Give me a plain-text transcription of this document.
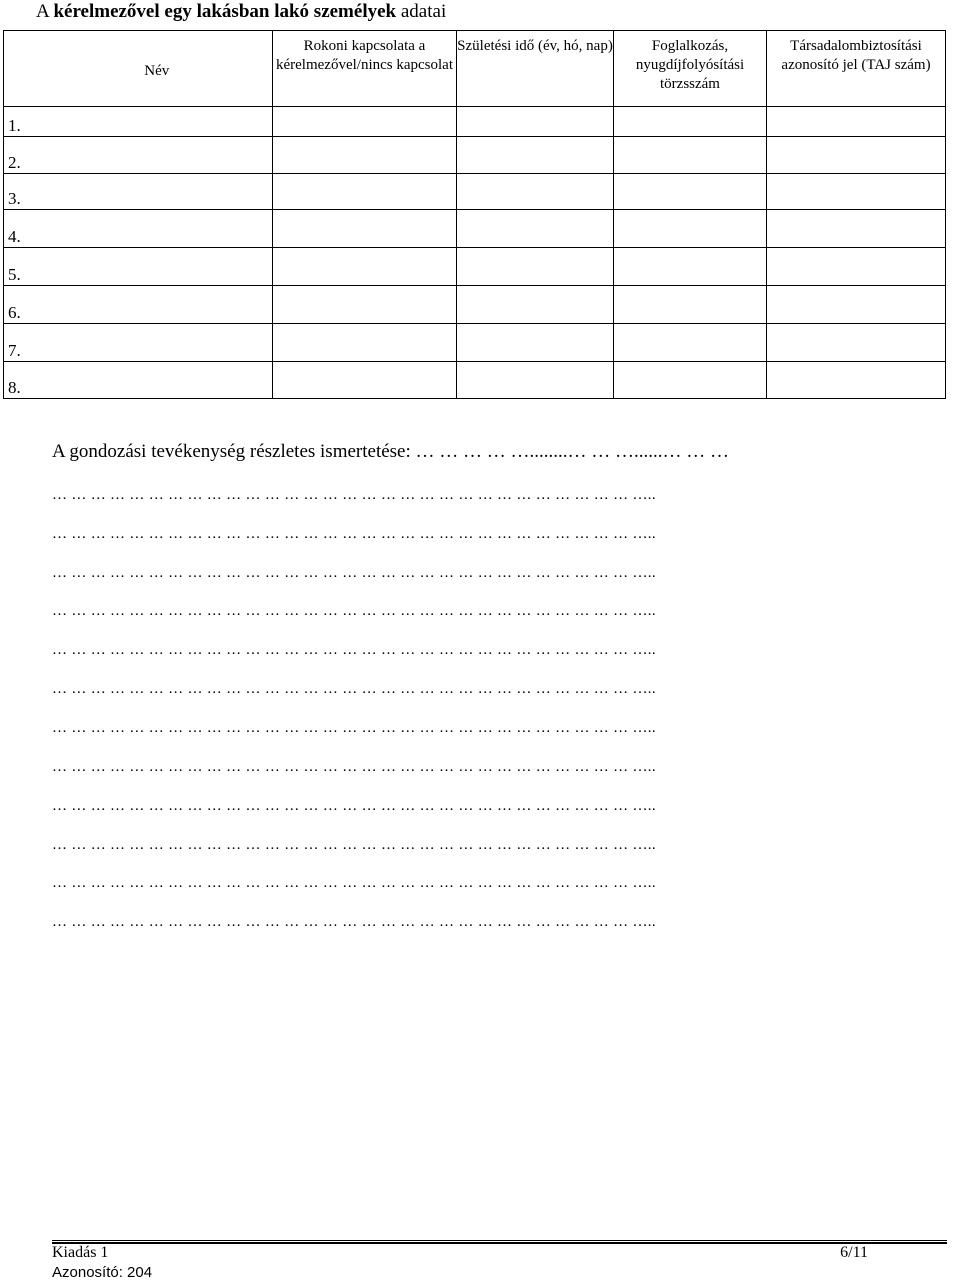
A kérelmezővel egy lakásban lakó személyek adatai
	Név	Rokoni kapcsolata a kérelmezővel/nincs kapcsolat	Születési idő (év, hó, nap)	Foglalkozás, nyugdíjfolyósítási törzsszám	Társadalombiztosítási azonosító jel (TAJ szám)
1.					
2.					
3.					
4.					
5.					
6.					
7.					
8.					
A gondozási tevékenység részletes ismertetése: … … … … …........… … …......… … …
… … … … … … … … … … … … … … … … … … … … … … … … … … … … … … …..
… … … … … … … … … … … … … … … … … … … … … … … … … … … … … … …..
… … … … … … … … … … … … … … … … … … … … … … … … … … … … … … …..
… … … … … … … … … … … … … … … … … … … … … … … … … … … … … … …..
… … … … … … … … … … … … … … … … … … … … … … … … … … … … … … …..
… … … … … … … … … … … … … … … … … … … … … … … … … … … … … … …..
… … … … … … … … … … … … … … … … … … … … … … … … … … … … … … …..
… … … … … … … … … … … … … … … … … … … … … … … … … … … … … … …..
… … … … … … … … … … … … … … … … … … … … … … … … … … … … … … …..
… … … … … … … … … … … … … … … … … … … … … … … … … … … … … … …..
… … … … … … … … … … … … … … … … … … … … … … … … … … … … … … …..
… … … … … … … … … … … … … … … … … … … … … … … … … … … … … … …..
Kiadás 1
Azonosító: 204
6/11
